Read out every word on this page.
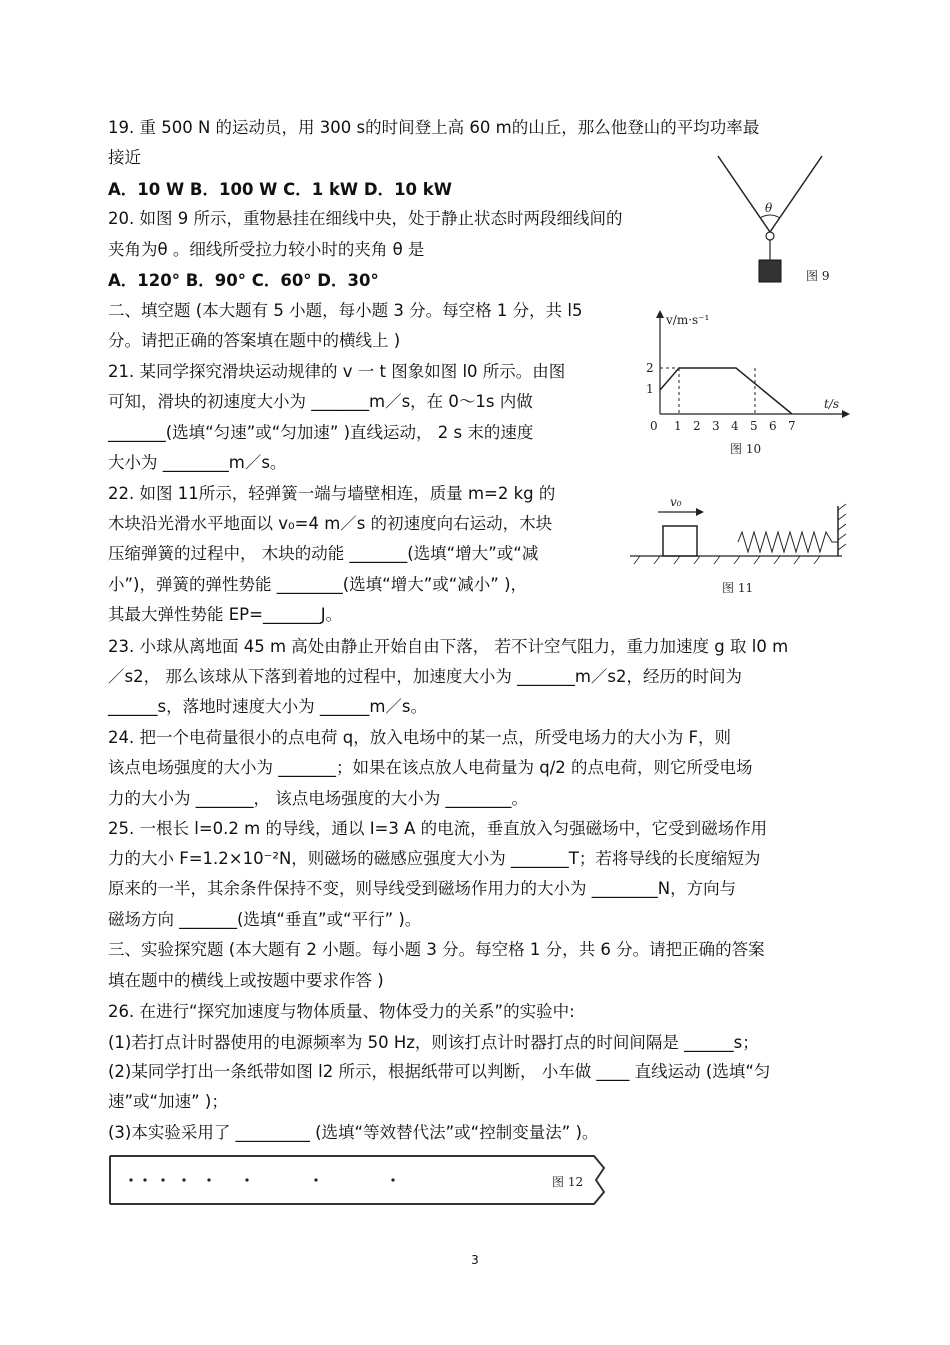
19. 重 500 N 的运动员，用 300 s的时间登上高 60 m的山丘，那么他登山的平均功率最
接近
A．10 W B．100 W C．1 kW D．10 kW
20. 如图 9 所示，重物悬挂在细线中央，处于静止状态时两段细线间的
夹角为θ 。细线所受拉力较小时的夹角 θ 是
A．120° B．90° C．60° D．30°
二、填空题 (本大题有 5 小题，每小题 3 分。每空格 1 分，共 l5
分。请把正确的答案填在题中的横线上 )
21. 某同学探究滑块运动规律的 v 一 t 图象如图 l0 所示。由图
可知，滑块的初速度大小为 _______m／s，在 0～1s 内做
_______(选填“匀速”或“匀加速” )直线运动， 2 s 末的速度
大小为 ________m／s。
22. 如图 11所示，轻弹簧一端与墙壁相连，质量 m=2 kg 的
木块沿光滑水平地面以 v₀=4 m／s 的初速度向右运动，木块
压缩弹簧的过程中， 木块的动能 _______(选填“增大”或“减
小”)，弹簧的弹性势能 ________(选填“增大”或“减小” )，
其最大弹性势能 EP=_______J。
23. 小球从离地面 45 m 高处由静止开始自由下落， 若不计空气阻力，重力加速度 g 取 l0 m
／s2， 那么该球从下落到着地的过程中，加速度大小为 _______m／s2，经历的时间为
______s，落地时速度大小为 ______m／s。
24. 把一个电荷量很小的点电荷 q，放入电场中的某一点，所受电场力的大小为 F，则
该点电场强度的大小为 _______；如果在该点放人电荷量为 q/2 的点电荷，则它所受电场
力的大小为 _______， 该点电场强度的大小为 ________。
25. 一根长 l=0.2 m 的导线，通以 I=3 A 的电流，垂直放入匀强磁场中，它受到磁场作用
力的大小 F=1.2×10⁻²N，则磁场的磁感应强度大小为 _______T；若将导线的长度缩短为
原来的一半，其余条件保持不变，则导线受到磁场作用力的大小为 ________N，方向与
磁场方向 _______(选填“垂直”或“平行” )。
三、实验探究题 (本大题有 2 小题。每小题 3 分。每空格 1 分，共 6 分。请把正确的答案
填在题中的横线上或按题中要求作答 )
26. 在进行“探究加速度与物体质量、物体受力的关系”的实验中:
(1)若打点计时器使用的电源频率为 50 Hz，则该打点计时器打点的时间间隔是 ______s；
(2)某同学打出一条纸带如图 l2 所示，根据纸带可以判断， 小车做 ____ 直线运动 (选填“匀
速”或“加速” )；
(3)本实验采用了 _________ (选填“等效替代法”或“控制变量法” )。
θ
图 9
v/m·s⁻¹
t/s
2
1
0 1 2 3 4 5 6 7
图 10
v₀
图 11
图 12
3
